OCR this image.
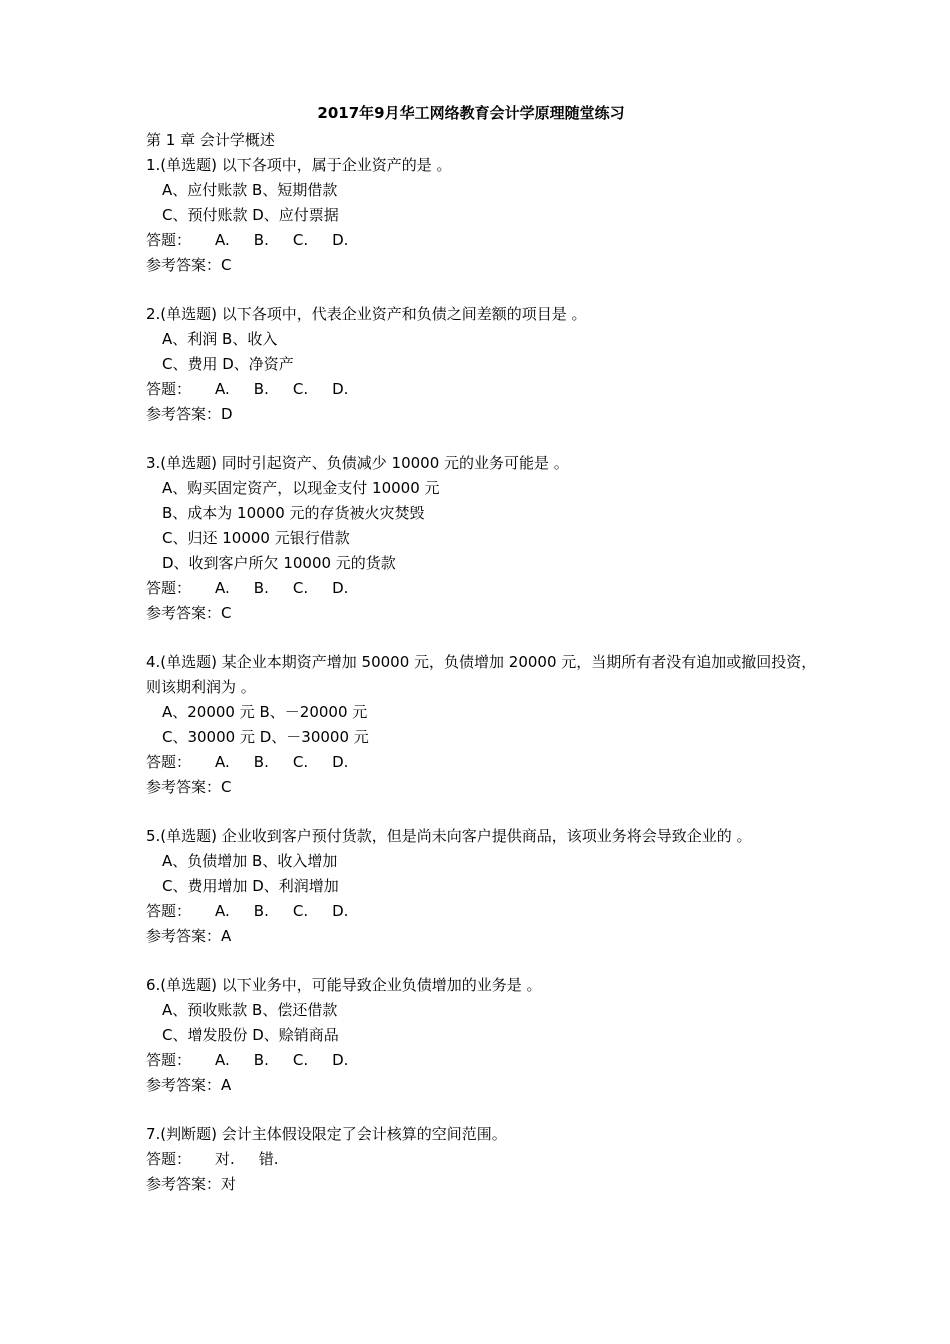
2017年9月华工网络教育会计学原理随堂练习
第 1 章 会计学概述
1.(单选题) 以下各项中，属于企业资产的是 。
A、应付账款 B、短期借款
C、预付账款 D、应付票据
答题： A. B. C. D.
参考答案：C
2.(单选题) 以下各项中，代表企业资产和负债之间差额的项目是 。
A、利润 B、收入
C、费用 D、净资产
答题： A. B. C. D.
参考答案：D
3.(单选题) 同时引起资产、负债减少 10000 元的业务可能是 。
A、购买固定资产，以现金支付 10000 元
B、成本为 10000 元的存货被火灾焚毁
C、归还 10000 元银行借款
D、收到客户所欠 10000 元的货款
答题： A. B. C. D.
参考答案：C
4.(单选题) 某企业本期资产增加 50000 元，负债增加 20000 元，当期所有者没有追加或撤回投资，则该期利润为 。
A、20000 元 B、－20000 元
C、30000 元 D、－30000 元
答题： A. B. C. D.
参考答案：C
5.(单选题) 企业收到客户预付货款，但是尚未向客户提供商品，该项业务将会导致企业的 。
A、负债增加 B、收入增加
C、费用增加 D、利润增加
答题： A. B. C. D.
参考答案：A
6.(单选题) 以下业务中，可能导致企业负债增加的业务是 。
A、预收账款 B、偿还借款
C、增发股份 D、赊销商品
答题： A. B. C. D.
参考答案：A
7.(判断题) 会计主体假设限定了会计核算的空间范围。
答题： 对. 错.
参考答案：对
